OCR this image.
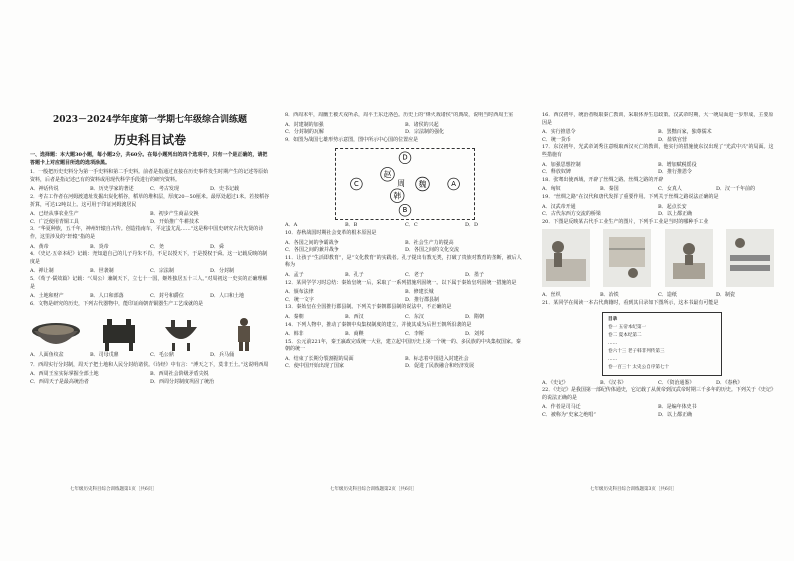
2023－2024学年度第一学期七年级综合训练题
历史科目试卷
一、选择题：本大题30小题，每小题2分，共60分。在每小题列出的四个选项中，只有一个是正确的，请把答题卡上对应题目所选的选项涂黑。
1．一般把历史史料分为第一手史料和第二手史料。前者是指通过直接在历史事件发生时期产生的记述等原始资料，后者是指记述已有的资料或用现代科学手段进行的研究资料。
A．神话传说	B．历史学家的著述	C．考古发现	D．史书记载
2．考古工作者在河姆渡遗址发掘出炭化稻谷，稻草的堆积层，厚度20－50厘米。最厚处超过1米。若按稻谷折算，可达12吨以上。这可用于印证河姆渡居民
A．已经从事农业生产	B．初步产生商品交换
C．广泛使用青铜工具	D．开始推广牛耕技术
3．“华夏种族，五千年，神州轩辕自古传。创造指南车，平定蚩尤乱……”这是称中国史研究古代先贤的诗作，这里涉及的“轩辕”指的是
A．黄帝	B．炎帝	C．尧	D．舜
4．《史记·五帝本纪》记载：尧知道自己的儿子丹朱不肖，不足以授天下，于是授权于舜。这一记载反映的制度是
A．禅让制	B．世袭制	C．宗法制	D．分封制
5．《荀子·儒效篇》记载：“（周公）兼制天下，立七十一国，姬姓独居五十三人。”对周初这一史实的正确理解是
A．土地和财产	B．人口和部落	C．封号和爵位	D．人口和土地
6．文物是研究的历史，下列古代器物中，能印证商朝青铜器生产工艺成就的是
A．人面鱼纹盆	B．司母戊鼎	C．毛公鼎	D．兵马俑
7．西周实行分封制，周天子把土地和人民分封给诸侯。《诗经》中有言：“溥天之下，莫非王土。”这说明西周
A．西周王室实际掌握全部土地	B．西周社会阶级矛盾尖锐
C．西周天子是最高统治者	D．西周分封制度巩固了统治
七年级历史科目综合训练题第1页［共6页］
8．西周末年，周幽王被犬戎所杀，周平王东迁洛邑。历史上的“烽火戏诸侯”的典故，说明当时西周王室
A．封建制的加强	B．诸侯的兴起
C．分封制的瓦解	D．宗法制的强化
9．如图为战国七雄形势示意图，图中所示中心国的位置应是
D
C	A
B
赵
周 魏
韩
A．A	B．B	C．C	D．D
10．春秋战国时期社会变革的根本原因是
A．各国之间的争霸战争	B．社会生产力的提高
C．各国之间的兼并战争	D．各国之间的文化交流
11．让孩子“生活即教育”，是“文化教育”的实践者。孔子提出有教无类，打破了贵族对教育的垄断，被后人称为
A．孟子	B．孔子	C．老子	D．墨子
12．某同学学习时总结：秦始皇统一后，采取了一系列措施巩固统一。以下属于秦始皇巩固统一措施的是
A．颁布法律	B．修建长城
C．统一文字	D．推行郡县制
13．秦始皇在全国推行郡县制。下列关于秦朝郡县制的说法中，不正确的是
A．秦朝	B．西汉	C．东汉	D．隋朝
14．下列人物中，推动了秦朝中央集权制度的建立，并使其成为后世王朝所沿袭的是
A．韩非	B．商鞅	C．李斯	D．刘邦
15．公元前221年，秦王嬴政完成统一大业，建立起中国历史上第一个统一的、多民族的中央集权国家。秦朝的统一
A．结束了长期分裂割据的局面	B．标志着中国进入封建社会
C．使中国开始出现了国家	D．促进了民族融合和经济发展
七年级历史科目综合训练题第2页［共6页］
16．西汉初年，统治者吸取秦亡教训，采取休养生息政策。汉武帝时期，大一统局面进一步形成，主要原因是
A．实行推恩令	B．罢黜百家，独尊儒术
C．统一货币	D．盐铁官营
17．东汉初年，光武帝刘秀注意吸取西汉灭亡的教训，他实行的措施使东汉出现了“光武中兴”的局面。这些措施有
A．加强思想控制	B．增加赋税徭役
C．释放奴婢	D．推行推恩令
18．张骞出使西域，开辟了丝绸之路。丝绸之路的开辟
A．匈奴	B．秦国	C．女真人	D．汉一千年前的
19．“丝绸之路”在汉代和唐代发挥了重要作用。下列关于丝绸之路说法正确的是
A．汉武帝开通	B．起点长安
C．古代东西方交流的桥梁	D．以上都正确
20．下图是反映某古代手工业生产的图片，下列手工业是当时的哪种手工业
A．丝织	B．冶铁	C．造纸	D．制瓷
21．某同学在阅读一本古代典籍时，看到其目录如下图所示，这本书最有可能是
目录
卷一 五帝本纪第一
卷二 夏本纪第二
……
卷六十三 老子韩非列传第三
……
卷一百三十 太史公自序第七十
A．《史记》	B．《汉书》	C．《资治通鉴》	D．《春秋》
22．《史记》是我国第一部纪传体通史，它记载了从黄帝到汉武帝时期三千多年的历史。下列关于《史记》的说法正确的是
A．作者是司马迁	B．是编年体史书
C．被称为“史家之绝唱”	D．以上都正确
七年级历史科目综合训练题第3页［共6页］
